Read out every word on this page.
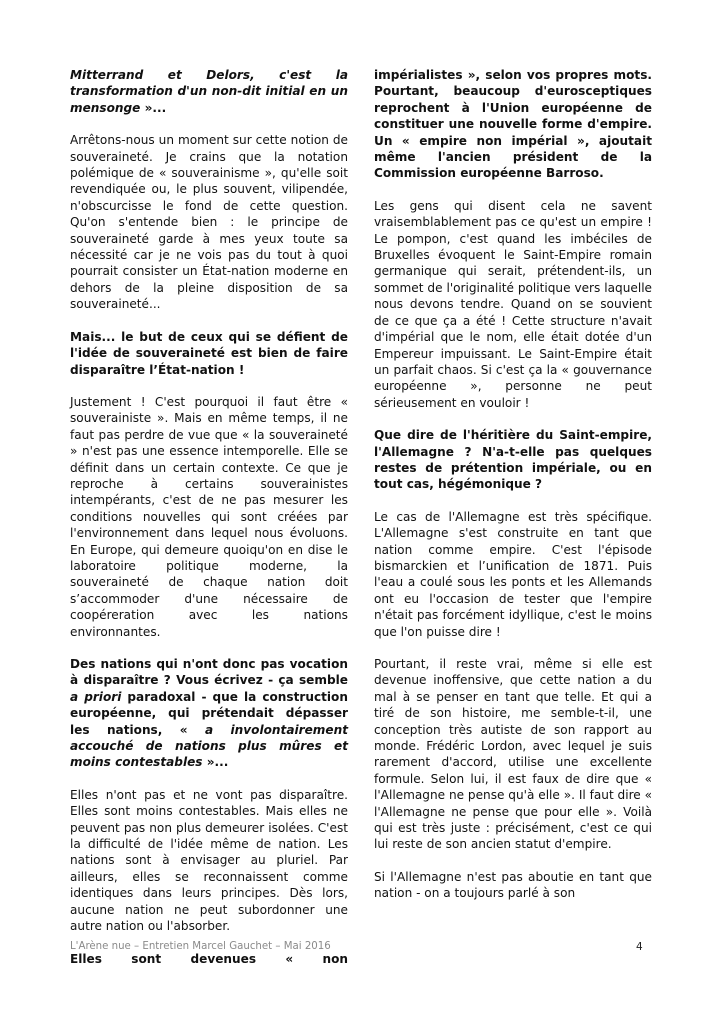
Mitterrand et Delors, c'est la transformation d'un non-dit initial en un mensonge »...

Arrêtons-nous un moment sur cette notion de souveraineté. Je crains que la notation polémique de « souverainisme », qu'elle soit revendiquée ou, le plus souvent, vilipendée, n'obscurcisse le fond de cette question. Qu'on s'entende bien : le principe de souveraineté garde à mes yeux toute sa nécessité car je ne vois pas du tout à quoi pourrait consister un État-nation moderne en dehors de la pleine disposition de sa souveraineté...

Mais... le but de ceux qui se défient de l'idée de souveraineté est bien de faire disparaître l’État-nation !

Justement ! C'est pourquoi il faut être « souverainiste ». Mais en même temps, il ne faut pas perdre de vue que « la souveraineté » n'est pas une essence intemporelle. Elle se définit dans un certain contexte. Ce que je reproche à certains souverainistes intempérants, c'est de ne pas mesurer les conditions nouvelles qui sont créées par l'environnement dans lequel nous évoluons. En Europe, qui demeure quoiqu'on en dise le laboratoire politique moderne, la souveraineté de chaque nation doit s’accommoder d'une nécessaire de coopéreration avec les nations environnantes.

Des nations qui n'ont donc pas vocation à disparaître ? Vous écrivez - ça semble a priori paradoxal - que la construction européenne, qui prétendait dépasser les nations, « a involontairement accouché de nations plus mûres et moins contestables »...

Elles n'ont pas et ne vont pas disparaître. Elles sont moins contestables. Mais elles ne peuvent pas non plus demeurer isolées. C'est la difficulté de l'idée même de nation. Les nations sont à envisager au pluriel. Par ailleurs, elles se reconnaissent comme identiques dans leurs principes. Dès lors, aucune nation ne peut subordonner une autre nation ou l'absorber.

Elles sont devenues « non

impérialistes », selon vos propres mots. Pourtant, beaucoup d'eurosceptiques reprochent à l'Union européenne de constituer une nouvelle forme d'empire. Un « empire non impérial », ajoutait même l'ancien président de la Commission européenne Barroso.

Les gens qui disent cela ne savent vraisemblablement pas ce qu'est un empire ! Le pompon, c'est quand les imbéciles de Bruxelles évoquent le Saint-Empire romain germanique qui serait, prétendent-ils, un sommet de l'originalité politique vers laquelle nous devons tendre. Quand on se souvient de ce que ça a été ! Cette structure n'avait d'impérial que le nom, elle était dotée d'un Empereur impuissant. Le Saint-Empire était un parfait chaos. Si c'est ça la « gouvernance européenne », personne ne peut sérieusement en vouloir !

Que dire de l'héritière du Saint-empire, l'Allemagne ? N'a-t-elle pas quelques restes de prétention impériale, ou en tout cas, hégémonique ?

Le cas de l'Allemagne est très spécifique. L'Allemagne s'est construite en tant que nation comme empire. C'est l'épisode bismarckien et l’unification de 1871. Puis l'eau a coulé sous les ponts et les Allemands ont eu l'occasion de tester que l'empire n'était pas forcément idyllique, c'est le moins que l'on puisse dire !

Pourtant, il reste vrai, même si elle est devenue inoffensive, que cette nation a du mal à se penser en tant que telle. Et qui a tiré de son histoire, me semble-t-il, une conception très autiste de son rapport au monde. Frédéric Lordon, avec lequel je suis rarement d'accord, utilise une excellente formule. Selon lui, il est faux de dire que « l'Allemagne ne pense qu'à elle ». Il faut dire « l'Allemagne ne pense que pour elle ». Voilà qui est très juste : précisément, c'est ce qui lui reste de son ancien statut d'empire.

Si l'Allemagne n'est pas aboutie en tant que nation - on a toujours parlé à son

L'Arène nue – Entretien Marcel Gauchet – Mai 2016	4
